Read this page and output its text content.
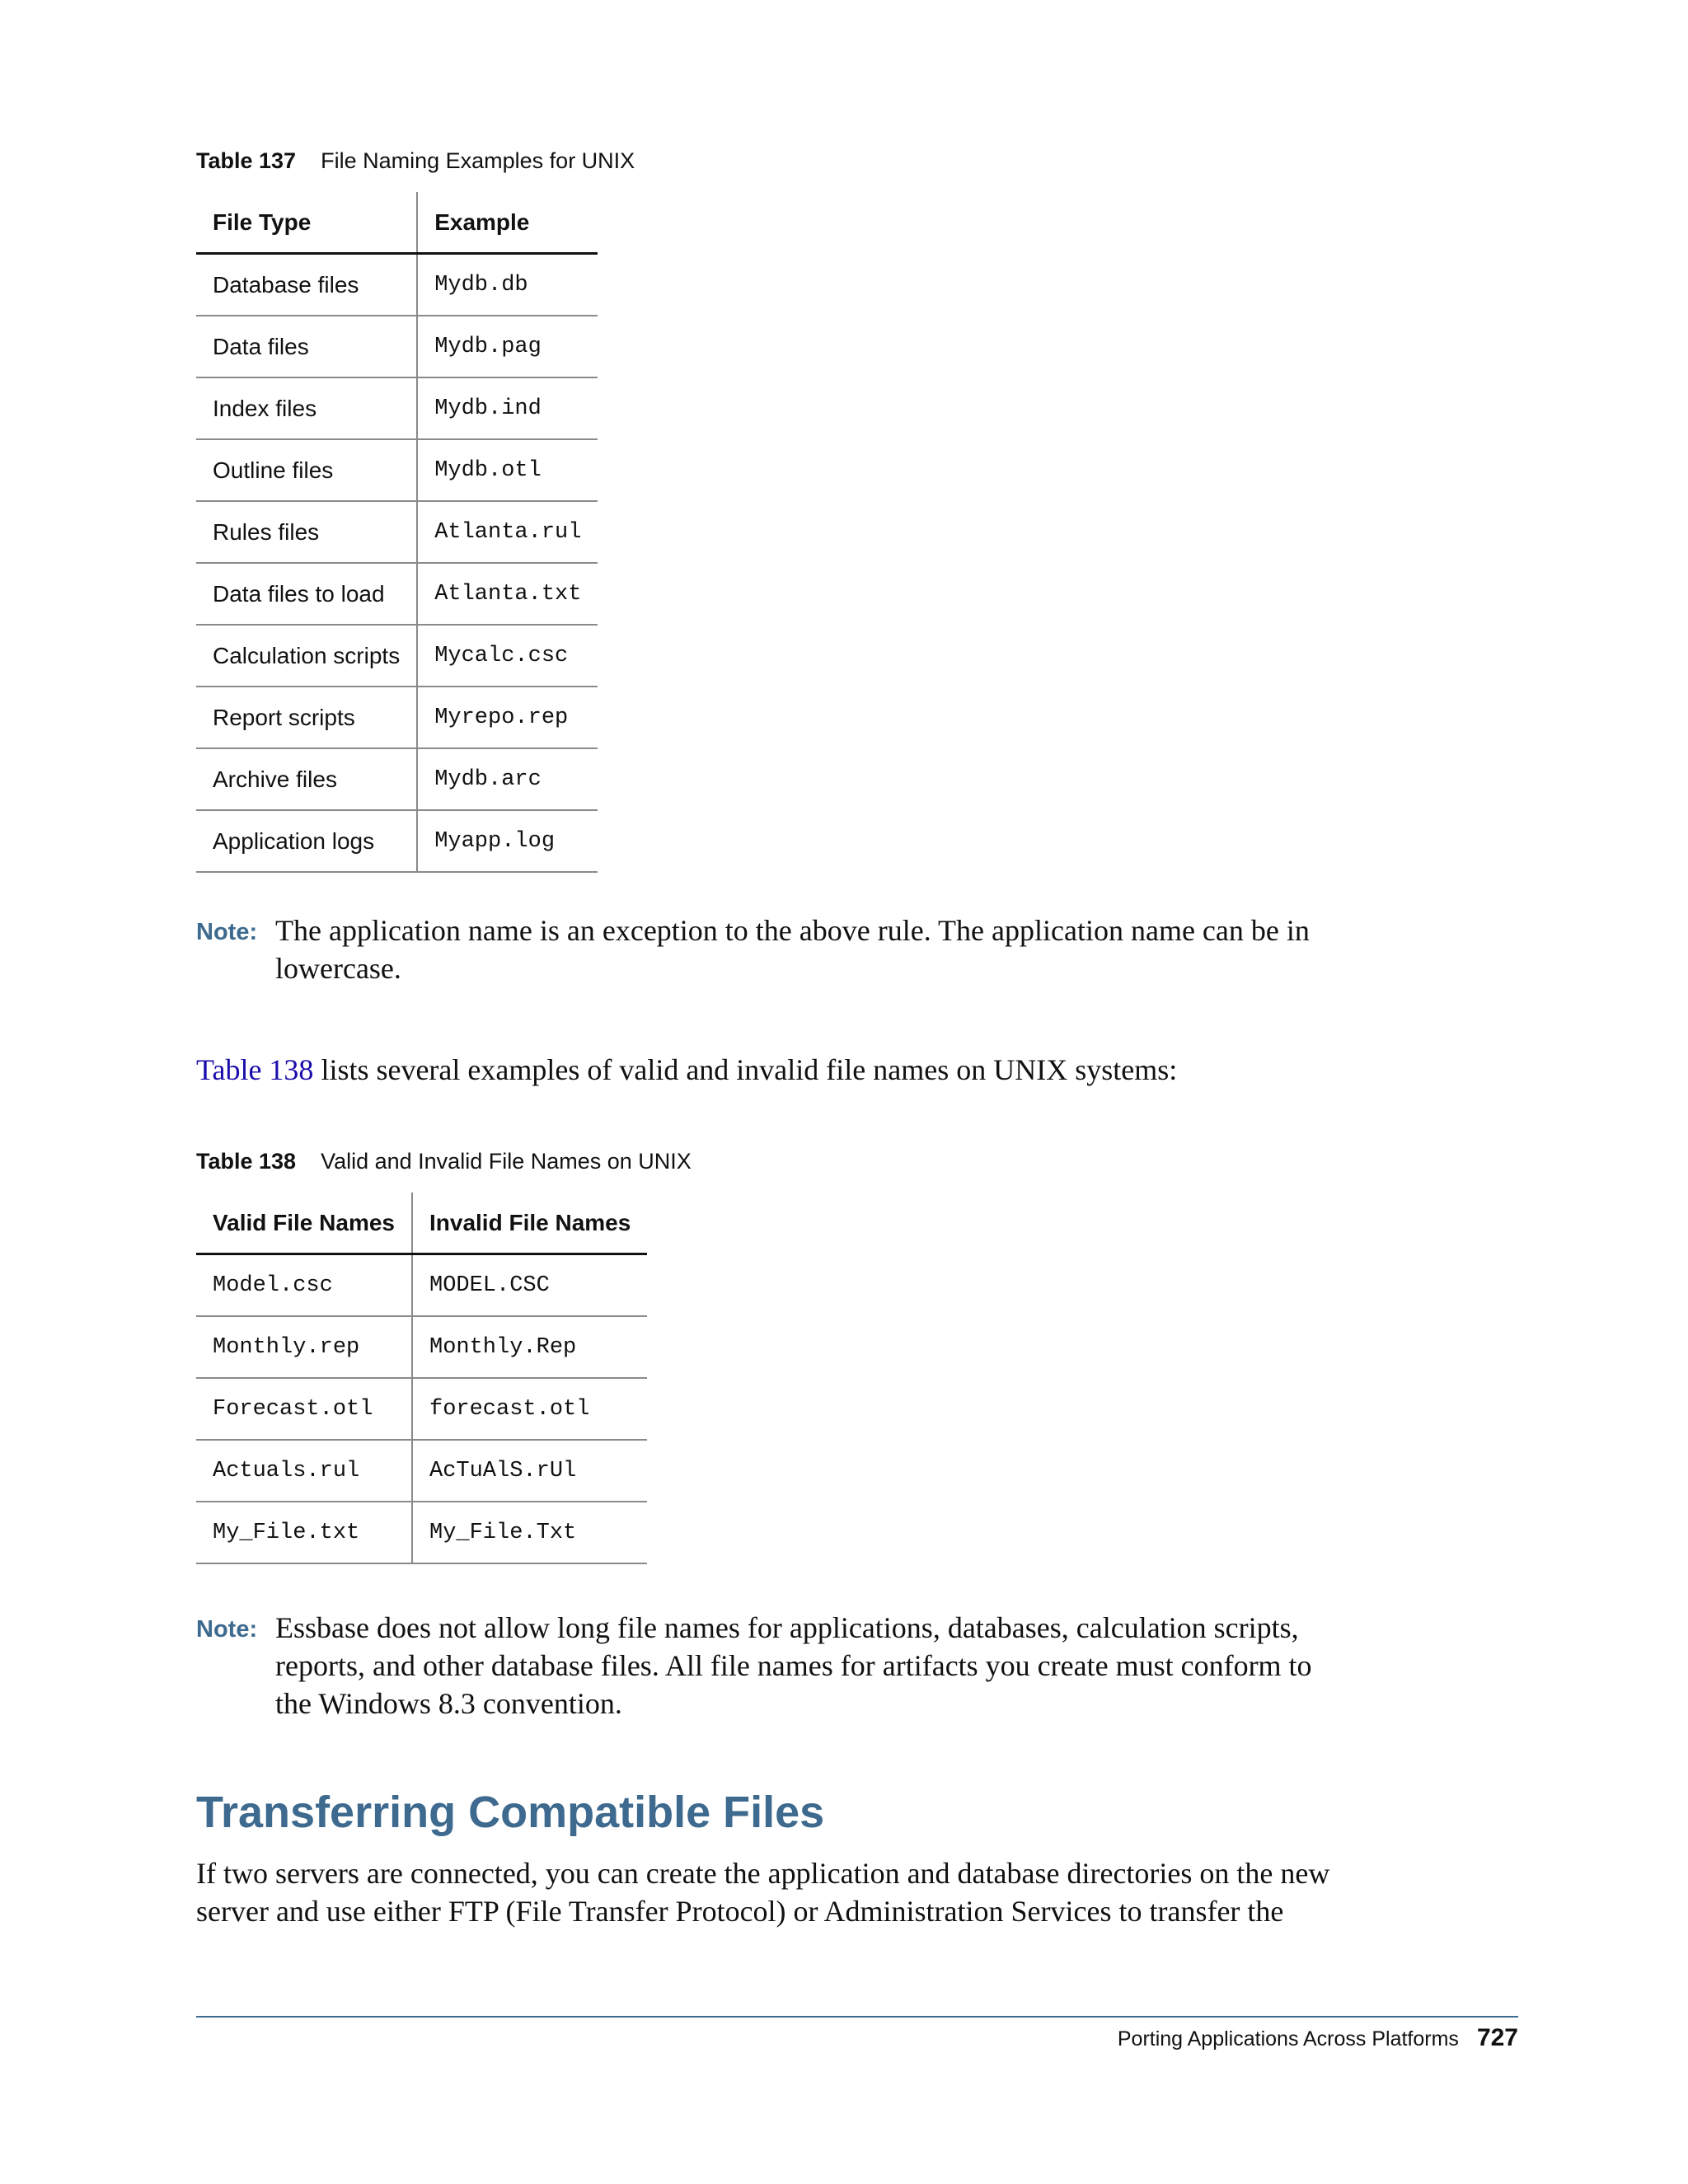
Table 137 File Naming Examples for UNIX
File Type	Example
Database files	Mydb.db
Data files	Mydb.pag
Index files	Mydb.ind
Outline files	Mydb.otl
Rules files	Atlanta.rul
Data files to load	Atlanta.txt
Calculation scripts	Mycalc.csc
Report scripts	Myrepo.rep
Archive files	Mydb.arc
Application logs	Myapp.log
Note: The application name is an exception to the above rule. The application name can be in lowercase.
Table 138 lists several examples of valid and invalid file names on UNIX systems:
Table 138 Valid and Invalid File Names on UNIX
Valid File Names	Invalid File Names
Model.csc	MODEL.CSC
Monthly.rep	Monthly.Rep
Forecast.otl	forecast.otl
Actuals.rul	AcTuAlS.rUl
My_File.txt	My_File.Txt
Note: Essbase does not allow long file names for applications, databases, calculation scripts, reports, and other database files. All file names for artifacts you create must conform to the Windows 8.3 convention.
Transferring Compatible Files
If two servers are connected, you can create the application and database directories on the new server and use either FTP (File Transfer Protocol) or Administration Services to transfer the
Porting Applications Across Platforms 727
